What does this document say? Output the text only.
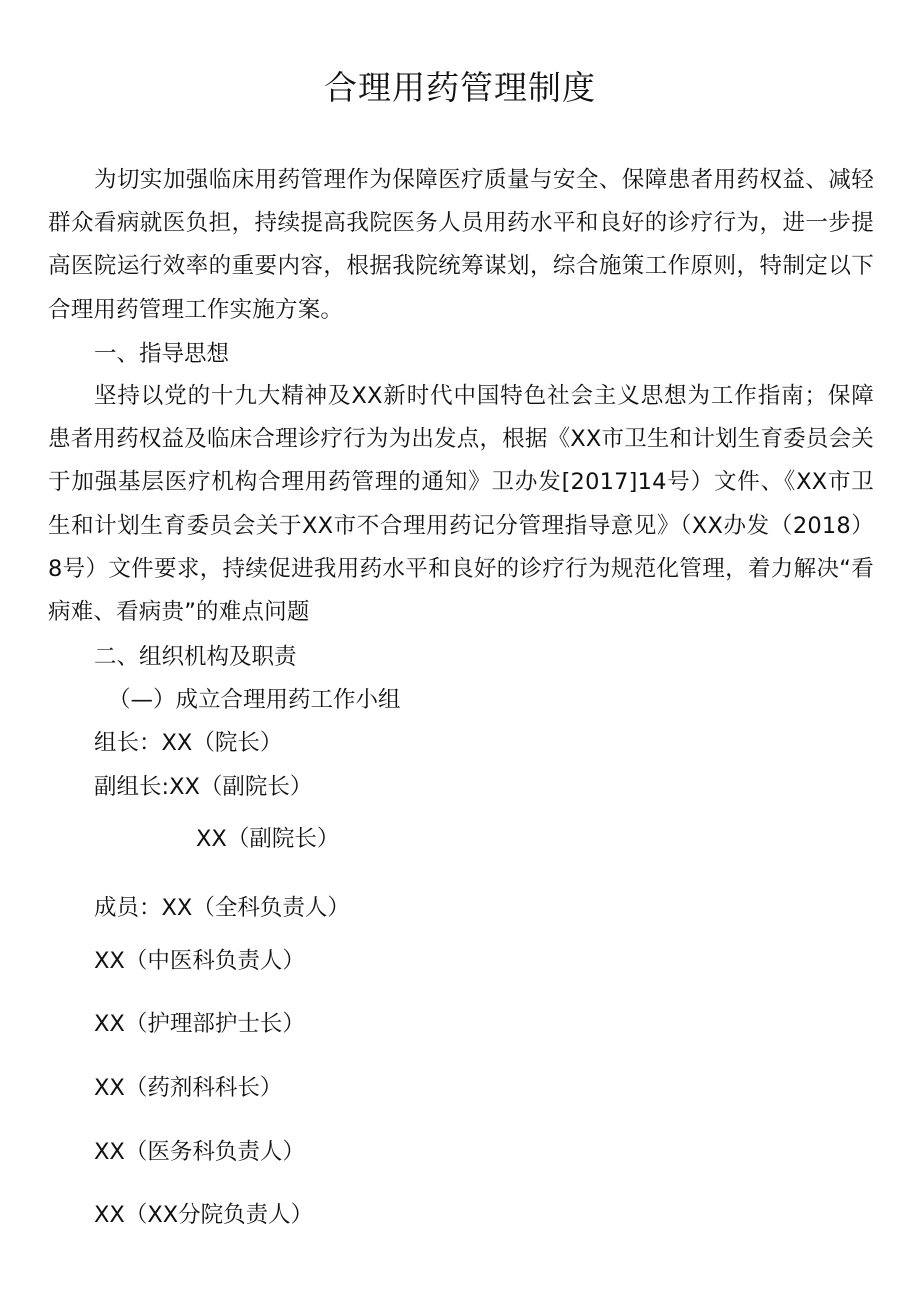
合理用药管理制度

为切实加强临床用药管理作为保障医疗质量与安全、保障患者用药权益、减轻群众看病就医负担，持续提高我院医务人员用药水平和良好的诊疗行为，进一步提高医院运行效率的重要内容，根据我院统筹谋划，综合施策工作原则，特制定以下合理用药管理工作实施方案。

一、指导思想

坚持以党的十九大精神及XX新时代中国特色社会主义思想为工作指南；保障患者用药权益及临床合理诊疗行为为出发点，根据《XX市卫生和计划生育委员会关于加强基层医疗机构合理用药管理的通知》卫办发[2017]14号）文件、《XX市卫生和计划生育委员会关于XX市不合理用药记分管理指导意见》（XX办发（2018）8号）文件要求，持续促进我用药水平和良好的诊疗行为规范化管理，着力解决“看病难、看病贵”的难点问题

二、组织机构及职责

（—）成立合理用药工作小组

组长：XX（院长）

副组长:XX（副院长）

XX（副院长）

成员：XX（全科负责人）

XX（中医科负责人）

XX（护理部护士长）

XX（药剂科科长）

XX（医务科负责人）

XX（XX分院负责人）
